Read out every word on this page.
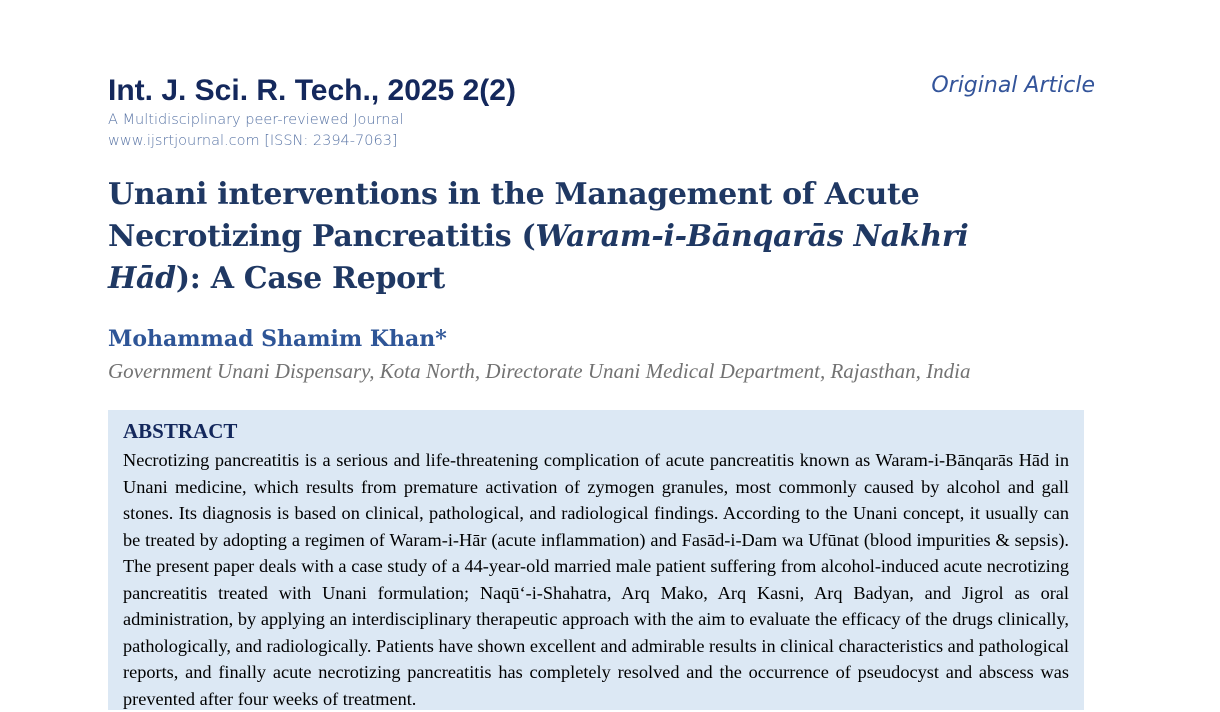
Int. J. Sci. R. Tech., 2025 2(2)
A Multidisciplinary peer-reviewed Journal
www.ijsrtjournal.com [ISSN: 2394-7063]
Original Article
Unani interventions in the Management of Acute Necrotizing Pancreatitis (Waram-i-Bānqarās Nakhri Hād): A Case Report
Mohammad Shamim Khan*
Government Unani Dispensary, Kota North, Directorate Unani Medical Department, Rajasthan, India
ABSTRACT

Necrotizing pancreatitis is a serious and life-threatening complication of acute pancreatitis known as Waram-i-Bānqarās Hād in Unani medicine, which results from premature activation of zymogen granules, most commonly caused by alcohol and gall stones. Its diagnosis is based on clinical, pathological, and radiological findings. According to the Unani concept, it usually can be treated by adopting a regimen of Waram-i-Hār (acute inflammation) and Fasād-i-Dam wa Ufūnat (blood impurities & sepsis). The present paper deals with a case study of a 44-year-old married male patient suffering from alcohol-induced acute necrotizing pancreatitis treated with Unani formulation; Naqū‘-i-Shahatra, Arq Mako, Arq Kasni, Arq Badyan, and Jigrol as oral administration, by applying an interdisciplinary therapeutic approach with the aim to evaluate the efficacy of the drugs clinically, pathologically, and radiologically. Patients have shown excellent and admirable results in clinical characteristics and pathological reports, and finally acute necrotizing pancreatitis has completely resolved and the occurrence of pseudocyst and abscess was prevented after four weeks of treatment.
